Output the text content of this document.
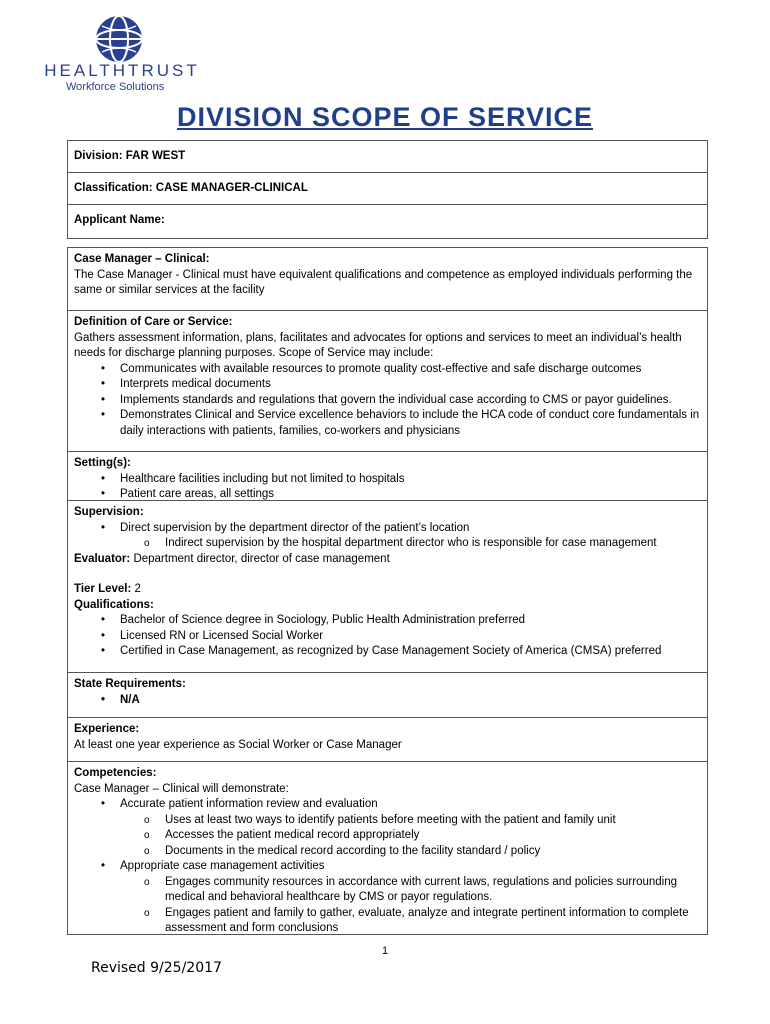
HEALTHTRUST
Workforce Solutions
DIVISION SCOPE OF SERVICE
Division: FAR WEST
Classification: CASE MANAGER-CLINICAL
Applicant Name:
Case Manager – Clinical:

The Case Manager - Clinical must have equivalent qualifications and competence as employed individuals performing the same or similar services at the facility

Definition of Care or Service:

Gathers assessment information, plans, facilitates and advocates for options and services to meet an individual’s health needs for discharge planning purposes. Scope of Service may include:

• Communicates with available resources to promote quality cost-effective and safe discharge outcomes
• Interprets medical documents
• Implements standards and regulations that govern the individual case according to CMS or payor guidelines.
• Demonstrates Clinical and Service excellence behaviors to include the HCA code of conduct core fundamentals in daily interactions with patients, families, co-workers and physicians
Setting(s):
• Healthcare facilities including but not limited to hospitals
• Patient care areas, all settings
Supervision:
• Direct supervision by the department director of the patient’s location
o Indirect supervision by the hospital department director who is responsible for case management

Evaluator: Department director, director of case management

Tier Level: 2

Qualifications:
• Bachelor of Science degree in Sociology, Public Health Administration preferred
• Licensed RN or Licensed Social Worker
• Certified in Case Management, as recognized by Case Management Society of America (CMSA) preferred
State Requirements:
• N/A
Experience:

At least one year experience as Social Worker or Case Manager

Competencies:

Case Manager – Clinical will demonstrate:

• Accurate patient information review and evaluation
o Uses at least two ways to identify patients before meeting with the patient and family unit
o Accesses the patient medical record appropriately
o Documents in the medical record according to the facility standard / policy
• Appropriate case management activities
o Engages community resources in accordance with current laws, regulations and policies surrounding medical and behavioral healthcare by CMS or payor regulations.
o Engages patient and family to gather, evaluate, analyze and integrate pertinent information to complete assessment and form conclusions
1
Revised 9/25/2017
